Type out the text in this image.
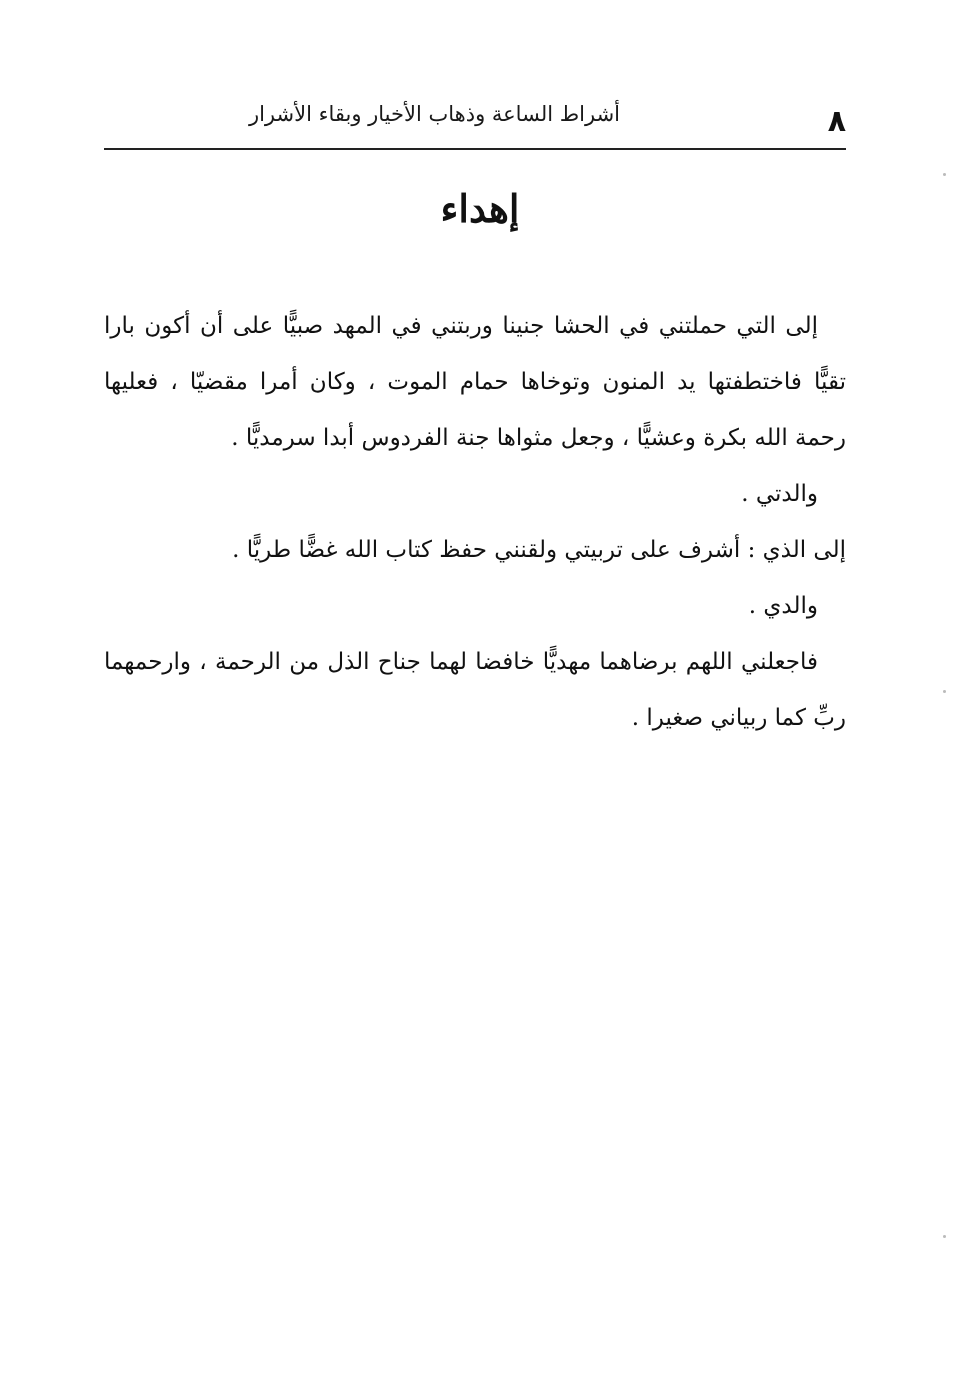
٨
أشراط الساعة وذهاب الأخيار وبقاء الأشرار
إهداء

إلى التي حملتني في الحشا جنينا وربتني في المهد صبيًّا على أن أكون بارا تقيًّا فاختطفتها يد المنون وتوخاها حمام الموت ، وكان أمرا مقضيّا ، فعليها رحمة الله بكرة وعشيًّا ، وجعل مثواها جنة الفردوس أبدا سرمديًّا .

والدتي .

إلى الذي : أشرف على تربيتي ولقنني حفظ كتاب الله غضًّا طريًّا .

والدي .

فاجعلني اللهم برضاهما مهديًّا خافضا لهما جناح الذل من الرحمة ، وارحمهما ربِّ كما ربياني صغيرا .
